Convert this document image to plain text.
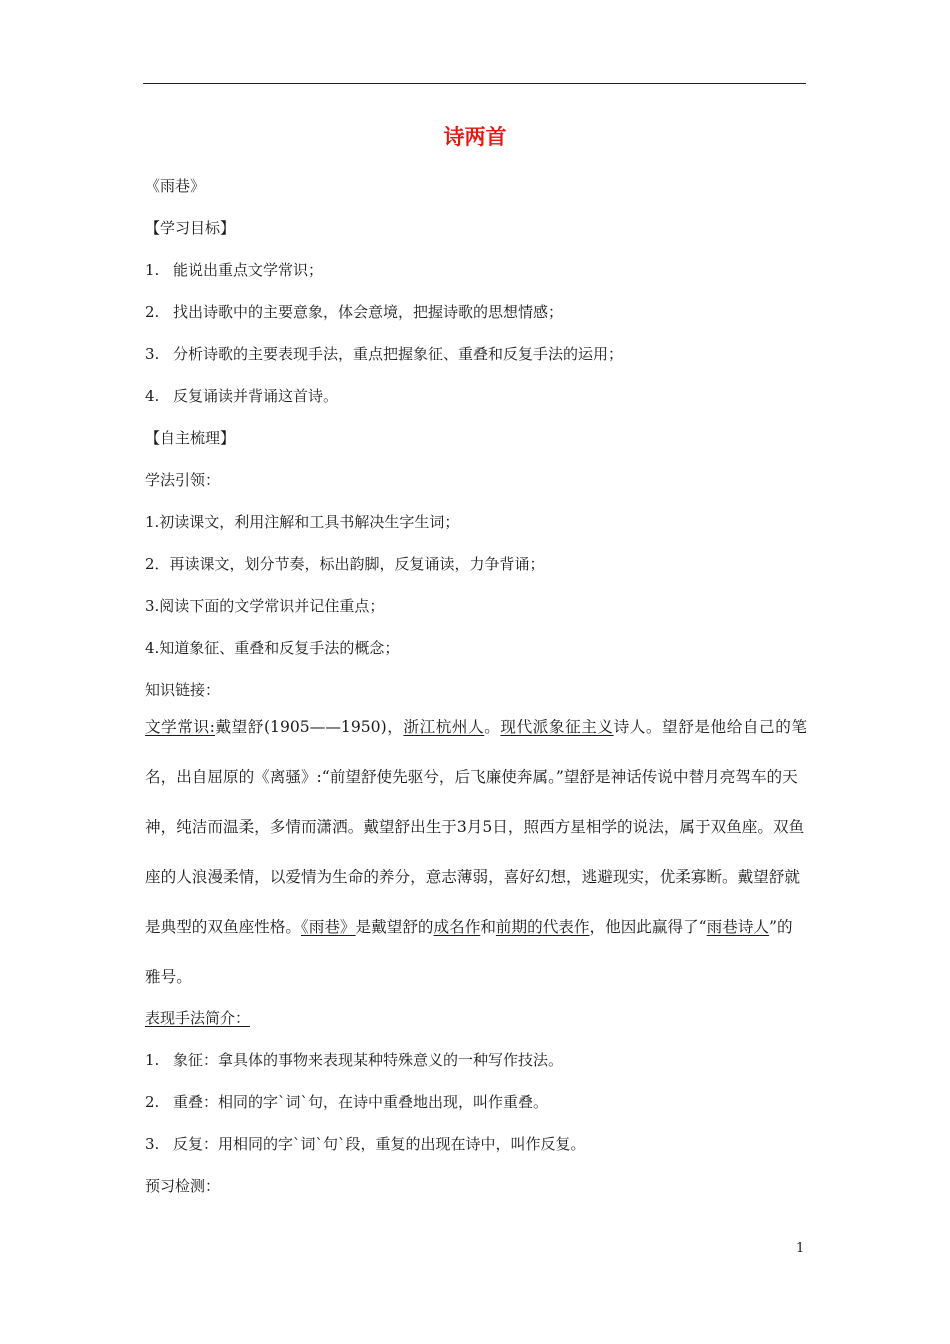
诗两首
《雨巷》
【学习目标】
1. 能说出重点文学常识；
2. 找出诗歌中的主要意象，体会意境，把握诗歌的思想情感；
3. 分析诗歌的主要表现手法，重点把握象征、重叠和反复手法的运用；
4. 反复诵读并背诵这首诗。
【自主梳理】
学法引领：
1.初读课文，利用注解和工具书解决生字生词；
2．再读课文，划分节奏，标出韵脚，反复诵读，力争背诵；
3.阅读下面的文学常识并记住重点；
4.知道象征、重叠和反复手法的概念；
知识链接：
文学常识:戴望舒(1905——1950)，浙江杭州人。现代派象征主义诗人。望舒是他给自己的笔
名，出自屈原的《离骚》:“前望舒使先驱兮，后飞廉使奔属。”望舒是神话传说中替月亮驾车的天神，纯洁而温柔，多情而潇洒。戴望舒出生于3月5日，照西方星相学的说法，属于双鱼座。双鱼座的人浪漫柔情，以爱情为生命的养分，意志薄弱，喜好幻想，逃避现实，优柔寡断。戴望舒就是典型的双鱼座性格。《雨巷》是戴望舒的成名作和前期的代表作，他因此赢得了“雨巷诗人”的雅号。
表现手法简介：
1. 象征：拿具体的事物来表现某种特殊意义的一种写作技法。
2. 重叠：相同的字`词`句，在诗中重叠地出现，叫作重叠。
3. 反复：用相同的字`词`句`段，重复的出现在诗中，叫作反复。
预习检测：
1
